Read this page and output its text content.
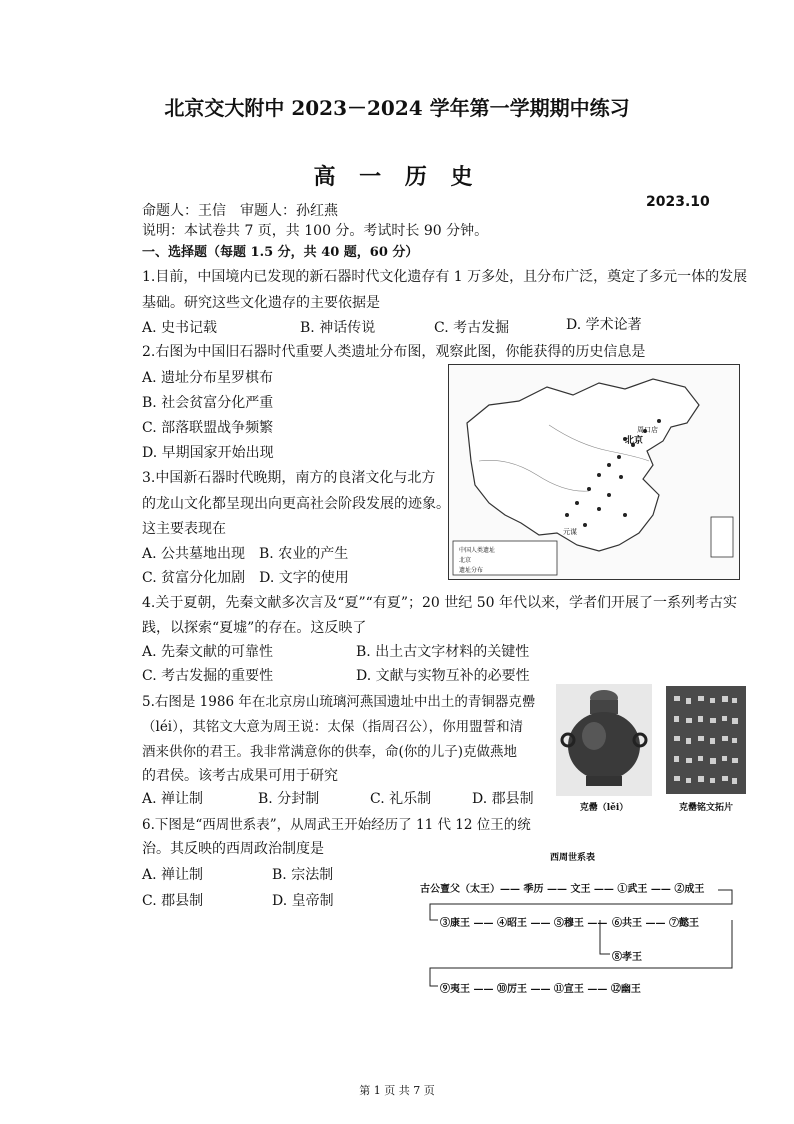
北京交大附中 2023－2024 学年第一学期期中练习
高 一 历 史
命题人：王信　审题人：孙红燕
2023.10
说明：本试卷共 7 页，共 100 分。考试时长 90 分钟。
一、选择题（每题 1.5 分，共 40 题，60 分）
1.目前，中国境内已发现的新石器时代文化遗存有 1 万多处，且分布广泛，奠定了多元一体的发展
基础。研究这些文化遗存的主要依据是
A. 史书记载	B. 神话传说	C. 考古发掘	D. 学术论著
2.右图为中国旧石器时代重要人类遗址分布图，观察此图，你能获得的历史信息是
A. 遗址分布星罗棋布
B. 社会贫富分化严重
C. 部落联盟战争频繁
D. 早期国家开始出现
北京
周口店
元谋
中国人类遗址
北京
遗址分布
3.中国新石器时代晚期，南方的良渚文化与北方
的龙山文化都呈现出向更高社会阶段发展的迹象。
这主要表现在
A. 公共墓地出现　B. 农业的产生
C. 贫富分化加剧　D. 文字的使用
4.关于夏朝，先秦文献多次言及“夏”“有夏”；20 世纪 50 年代以来，学者们开展了一系列考古实
践，以探索“夏墟”的存在。这反映了
A. 先秦文献的可靠性	B. 出土古文字材料的关键性
C. 考古发掘的重要性	D. 文献与实物互补的必要性
5.右图是 1986 年在北京房山琉璃河燕国遗址中出土的青铜器克罍
（léi），其铭文大意为周王说：太保（指周召公），你用盟誓和清
酒来供你的君王。我非常满意你的供奉，命(你的儿子)克做燕地
的君侯。该考古成果可用于研究
A. 禅让制	B. 分封制	C. 礼乐制	D. 郡县制
克罍（lěi）	克罍铭文拓片
6.下图是“西周世系表”，从周武王开始经历了 11 代 12 位王的统
治。其反映的西周政治制度是
A. 禅让制	B. 宗法制
C. 郡县制	D. 皇帝制
西周世系表
古公亶父（太王）—— 季历 —— 文王 —— ①武王 —— ②成王
③康王 —— ④昭王 —— ⑤穆王 —— ⑥共王 —— ⑦懿王
⑧孝王
⑨夷王 —— ⑩厉王 —— ⑪宣王 —— ⑫幽王
第 1 页 共 7 页
